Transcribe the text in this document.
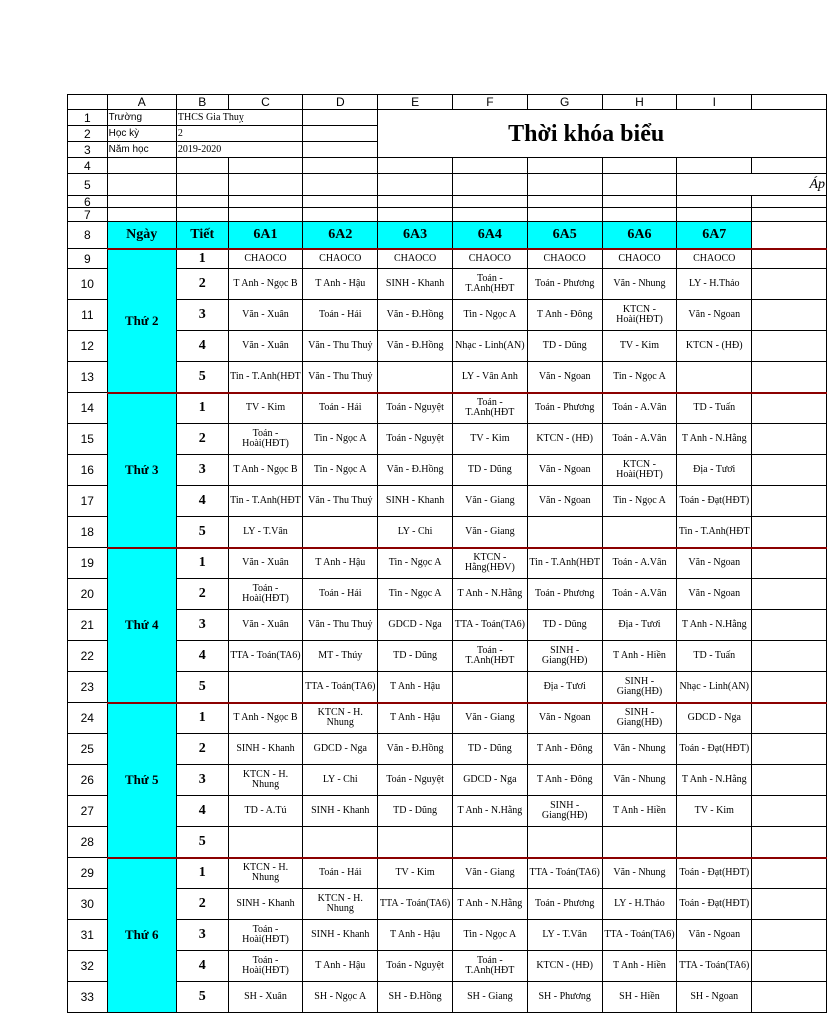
	A	B	C	D	E	F	G	H	I	
1	Trường	THCS Gia Thuỵ			Thời khóa biểu					
2	Học kỳ	2								
3	Năm học	2019-2020								
4										
5									Áp	
6										
7										
8	Ngày	Tiết	6A1	6A2	6A3	6A4	6A5	6A6	6A7	
9	Thứ 2	1	CHAOCO	CHAOCO	CHAOCO	CHAOCO	CHAOCO	CHAOCO	CHAOCO	
10		2	T Anh - Ngọc B	T Anh - Hậu	SINH - Khanh	Toán - T.Anh(HĐT	Toán - Phương	Văn - Nhung	LY - H.Thảo	
11		3	Văn - Xuân	Toán - Hải	Văn - Đ.Hồng	Tin - Ngọc A	T Anh - Đông	KTCN - Hoài(HĐT)	Văn - Ngoan	
12		4	Văn - Xuân	Văn - Thu Thuỷ	Văn - Đ.Hồng	Nhạc - Linh(AN)	TD - Dũng	TV - Kim	KTCN - (HĐ)	
13		5	Tin - T.Anh(HĐT	Văn - Thu Thuỷ		LY - Vân Anh	Văn - Ngoan	Tin - Ngọc A		
14	Thứ 3	1	TV - Kim	Toán - Hải	Toán - Nguyệt	Toán - T.Anh(HĐT	Toán - Phương	Toán - A.Vân	TD - Tuấn	
15		2	Toán - Hoài(HĐT)	Tin - Ngọc A	Toán - Nguyệt	TV - Kim	KTCN - (HĐ)	Toán - A.Vân	T Anh - N.Hằng	
16		3	T Anh - Ngọc B	Tin - Ngọc A	Văn - Đ.Hồng	TD - Dũng	Văn - Ngoan	KTCN - Hoài(HĐT)	Địa - Tươi	
17		4	Tin - T.Anh(HĐT	Văn - Thu Thuỷ	SINH - Khanh	Văn - Giang	Văn - Ngoan	Tin - Ngọc A	Toán - Đạt(HĐT)	
18		5	LY - T.Vân		LY - Chi	Văn - Giang			Tin - T.Anh(HĐT	
19	Thứ 4	1	Văn - Xuân	T Anh - Hậu	Tin - Ngọc A	KTCN - Hằng(HĐV)	Tin - T.Anh(HĐT	Toán - A.Vân	Văn - Ngoan	
20		2	Toán - Hoài(HĐT)	Toán - Hải	Tin - Ngọc A	T Anh - N.Hằng	Toán - Phương	Toán - A.Vân	Văn - Ngoan	
21		3	Văn - Xuân	Văn - Thu Thuỷ	GDCD - Nga	TTA - Toán(TA6)	TD - Dũng	Địa - Tươi	T Anh - N.Hằng	
22		4	TTA - Toán(TA6)	MT - Thúy	TD - Dũng	Toán - T.Anh(HĐT	SINH - Giang(HĐ)	T Anh - Hiền	TD - Tuấn	
23		5		TTA - Toán(TA6)	T Anh - Hậu		Địa - Tươi	SINH - Giang(HĐ)	Nhạc - Linh(AN)	
24	Thứ 5	1	T Anh - Ngọc B	KTCN - H. Nhung	T Anh - Hậu	Văn - Giang	Văn - Ngoan	SINH - Giang(HĐ)	GDCD - Nga	
25		2	SINH - Khanh	GDCD - Nga	Văn - Đ.Hồng	TD - Dũng	T Anh - Đông	Văn - Nhung	Toán - Đạt(HĐT)	
26		3	KTCN - H. Nhung	LY - Chi	Toán - Nguyệt	GDCD - Nga	T Anh - Đông	Văn - Nhung	T Anh - N.Hằng	
27		4	TD - A.Tú	SINH - Khanh	TD - Dũng	T Anh - N.Hằng	SINH - Giang(HĐ)	T Anh - Hiền	TV - Kim	
28		5								
29	Thứ 6	1	KTCN - H. Nhung	Toán - Hải	TV - Kim	Văn - Giang	TTA - Toán(TA6)	Văn - Nhung	Toán - Đạt(HĐT)	
30		2	SINH - Khanh	KTCN - H. Nhung	TTA - Toán(TA6)	T Anh - N.Hằng	Toán - Phương	LY - H.Thảo	Toán - Đạt(HĐT)	
31		3	Toán - Hoài(HĐT)	SINH - Khanh	T Anh - Hậu	Tin - Ngọc A	LY - T.Vân	TTA - Toán(TA6)	Văn - Ngoan	
32		4	Toán - Hoài(HĐT)	T Anh - Hậu	Toán - Nguyệt	Toán - T.Anh(HĐT	KTCN - (HĐ)	T Anh - Hiền	TTA - Toán(TA6)	
33		5	SH - Xuân	SH - Ngọc A	SH - Đ.Hồng	SH - Giang	SH - Phương	SH - Hiền	SH - Ngoan	
